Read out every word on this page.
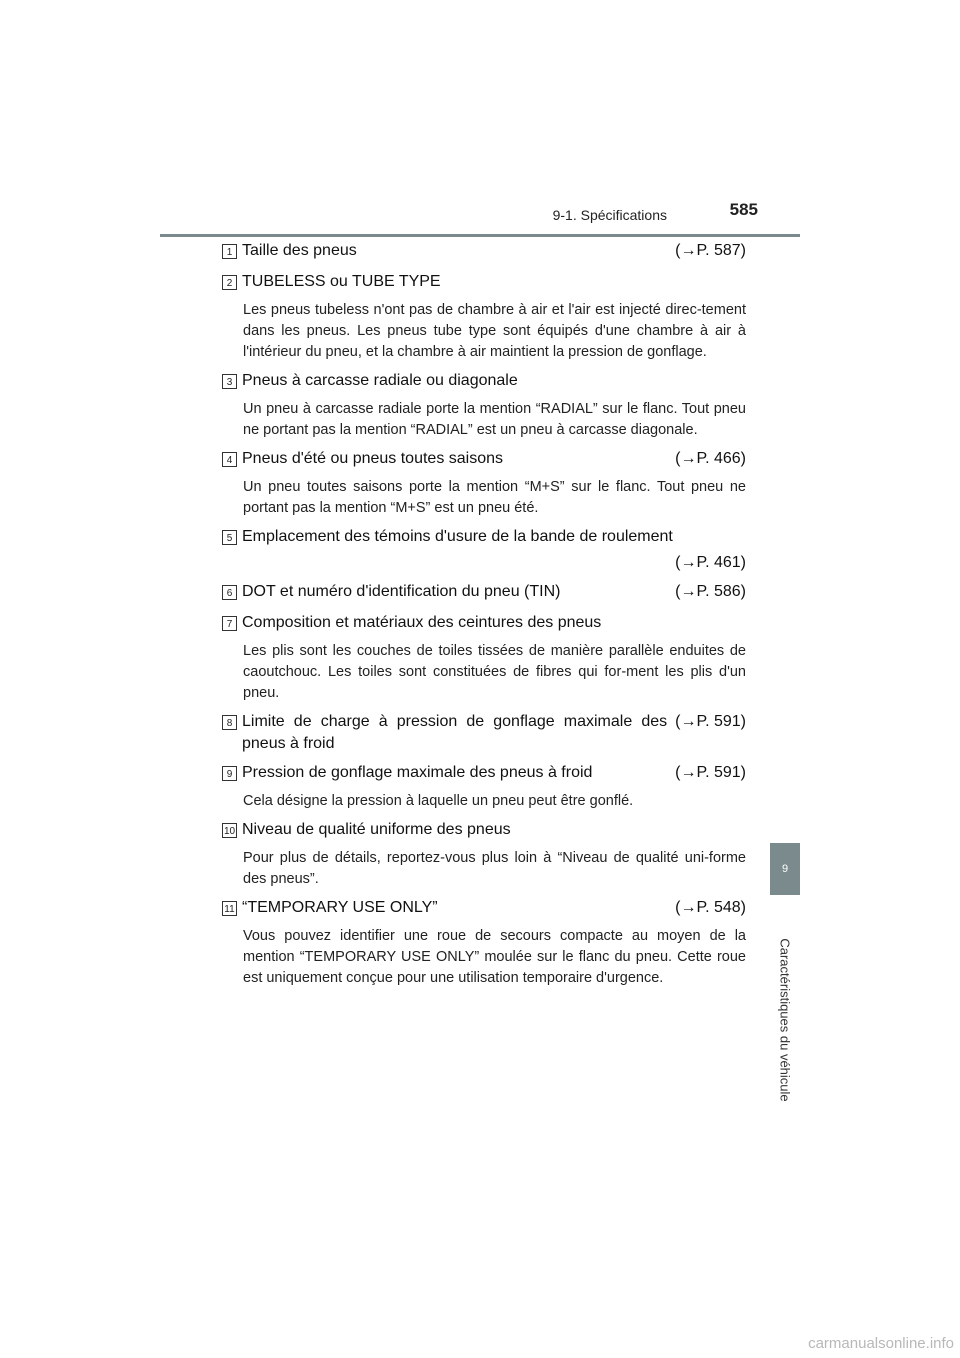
9-1. Spécifications	585
9
Caractéristiques du véhicule
1 Taille des pneus	(→P. 587)
2 TUBELESS ou TUBE TYPE
Les pneus tubeless n'ont pas de chambre à air et l'air est injecté direc-tement dans les pneus. Les pneus tube type sont équipés d'une chambre à air à l'intérieur du pneu, et la chambre à air maintient la pression de gonflage.
3 Pneus à carcasse radiale ou diagonale
Un pneu à carcasse radiale porte la mention “RADIAL” sur le flanc. Tout pneu ne portant pas la mention “RADIAL” est un pneu à carcasse diagonale.
4 Pneus d'été ou pneus toutes saisons	(→P. 466)
Un pneu toutes saisons porte la mention “M+S” sur le flanc. Tout pneu ne portant pas la mention “M+S” est un pneu été.
5 Emplacement des témoins d'usure de la bande de roulement
(→P. 461)
6 DOT et numéro d'identification du pneu (TIN)	(→P. 586)
7 Composition et matériaux des ceintures des pneus
Les plis sont les couches de toiles tissées de manière parallèle enduites de caoutchouc. Les toiles sont constituées de fibres qui for-ment les plis d'un pneu.
8 Limite de charge à pression de gonflage maximale des pneus à froid
(→P. 591)
9 Pression de gonflage maximale des pneus à froid	(→P. 591)
Cela désigne la pression à laquelle un pneu peut être gonflé.
10 Niveau de qualité uniforme des pneus
Pour plus de détails, reportez-vous plus loin à “Niveau de qualité uni-forme des pneus”.
11 “TEMPORARY USE ONLY”	(→P. 548)
Vous pouvez identifier une roue de secours compacte au moyen de la mention “TEMPORARY USE ONLY” moulée sur le flanc du pneu. Cette roue est uniquement conçue pour une utilisation temporaire d'urgence.
carmanualsonline.info
